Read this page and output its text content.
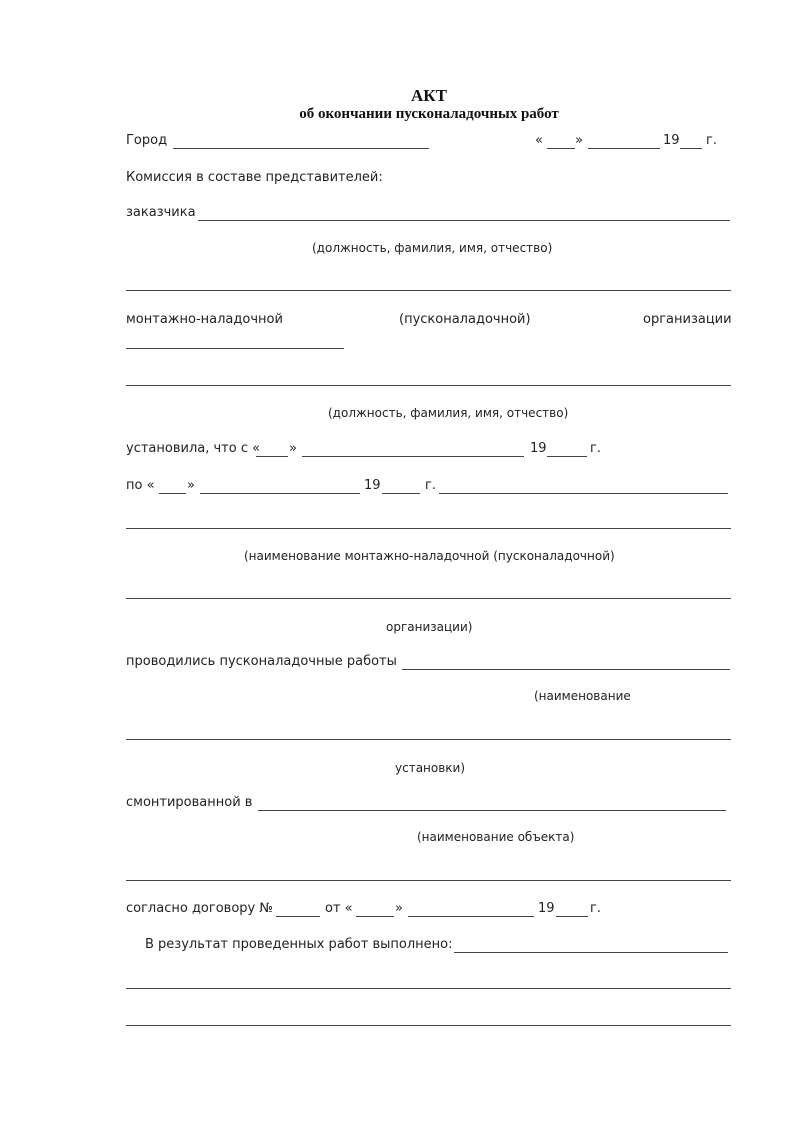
АКТ
об окончании пусконаладочных работ
Город	« »	19 г.
Комиссия в составе представителей:
заказчика
(должность, фамилия, имя, отчество)
монтажно-наладочной	(пусконаладочной)	организации
(должность, фамилия, имя, отчество)
установила, что с « »	19	г.
по « »	19	г.
(наименование монтажно-наладочной (пусконаладочной)
организации)
проводились пусконаладочные работы
(наименование
установки)
смонтированной в
(наименование объекта)
согласно договору №	от «	»	19	г.
В результат проведенных работ выполнено:
